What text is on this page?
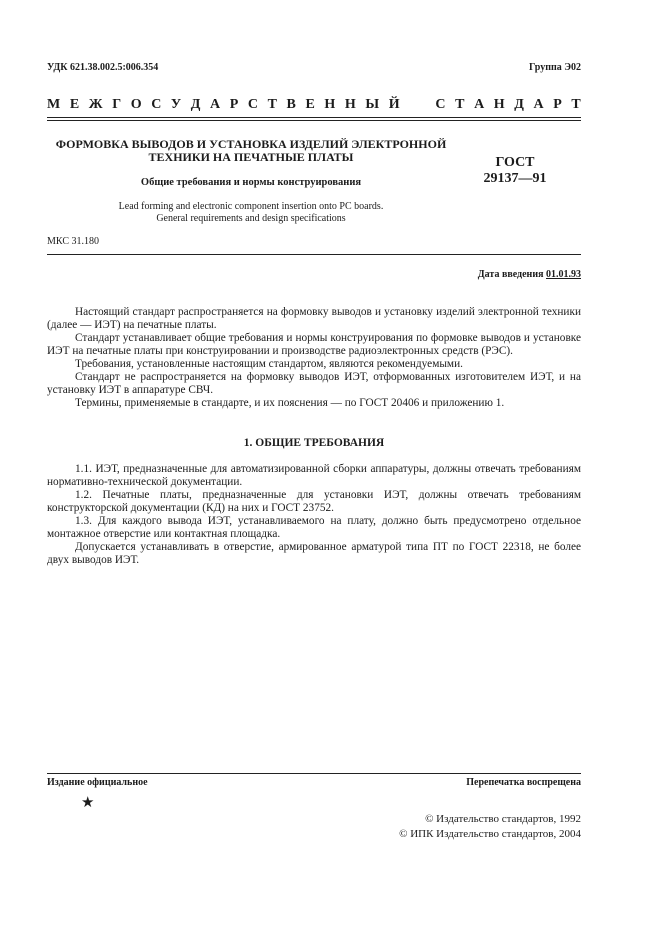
УДК 621.38.002.5:006.354	Группа Э02
М Е Ж Г О С У Д А Р С Т В Е Н Н Ы Й

	С Т А Н Д А Р Т
ФОРМОВКА ВЫВОДОВ И УСТАНОВКА ИЗДЕЛИЙ ЭЛЕКТРОННОЙ
ТЕХНИКИ НА ПЕЧАТНЫЕ ПЛАТЫ
Общие требования и нормы конструирования
Lead forming and electronic component insertion onto PC boards.
General requirements and design specifications
ГОСТ
29137—91
МКС 31.180
Дата введения 01.01.93

Настоящий стандарт распространяется на формовку выводов и установку изделий электронной техники (далее — ИЭТ) на печатные платы.

Стандарт устанавливает общие требования и нормы конструирования по формовке выводов и установке ИЭТ на печатные платы при конструировании и производстве радиоэлектронных средств (РЭС).

Требования, установленные настоящим стандартом, являются рекомендуемыми.

Стандарт не распространяется на формовку выводов ИЭТ, отформованных изготовителем ИЭТ, и на установку ИЭТ в аппаратуре СВЧ.

Термины, применяемые в стандарте, и их пояснения — по ГОСТ 20406 и приложению 1.

1. ОБЩИЕ ТРЕБОВАНИЯ

1.1. ИЭТ, предназначенные для автоматизированной сборки аппаратуры, должны отвечать требованиям нормативно-технической документации.

1.2. Печатные платы, предназначенные для установки ИЭТ, должны отвечать требованиям конструкторской документации (КД) на них и ГОСТ 23752.

1.3. Для каждого вывода ИЭТ, устанавливаемого на плату, должно быть предусмотрено отдельное монтажное отверстие или контактная площадка.

Допускается устанавливать в отверстие, армированное арматурой типа ПТ по ГОСТ 22318, не более двух выводов ИЭТ.

Издание официальное	Перепечатка воспрещена
★
© Издательство стандартов, 1992
© ИПК Издательство стандартов, 2004
